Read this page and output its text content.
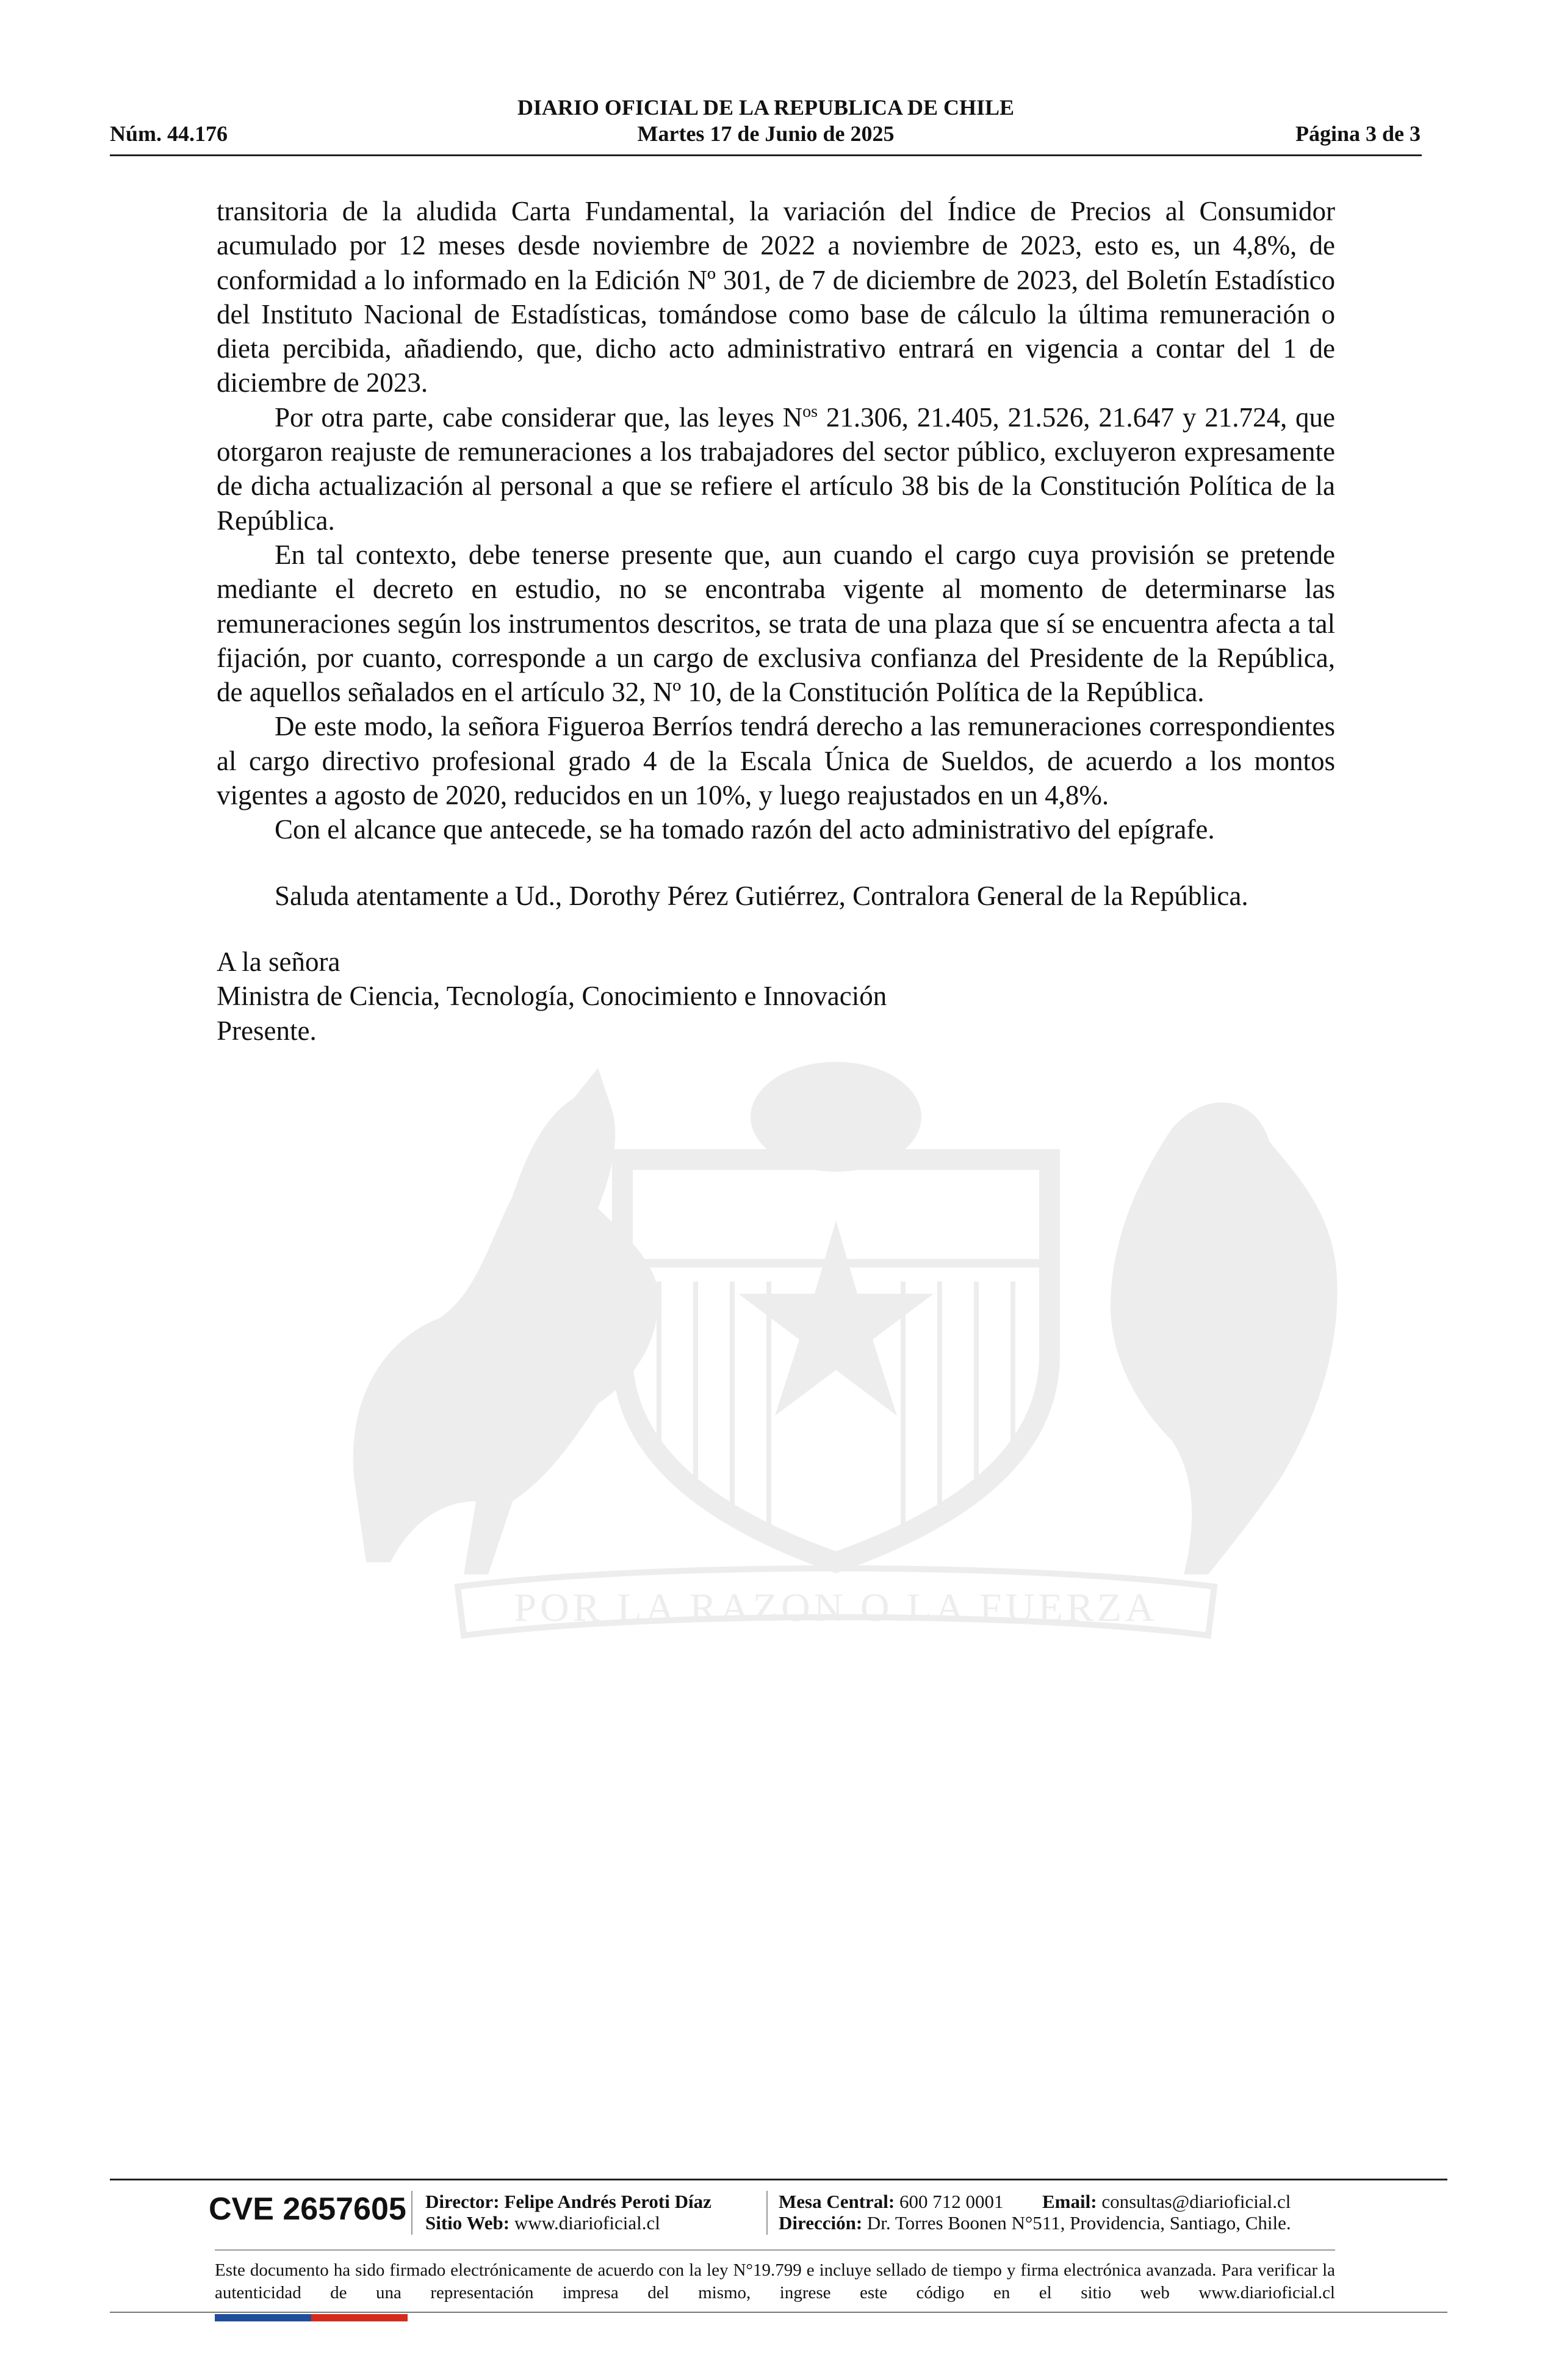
DIARIO OFICIAL DE LA REPUBLICA DE CHILE
Núm. 44.176	Martes 17 de Junio de 2025	Página 3 de 3
POR LA RAZON O LA FUERZA

transitoria de la aludida Carta Fundamental, la variación del Índice de Precios al Consumidor acumulado por 12 meses desde noviembre de 2022 a noviembre de 2023, esto es, un 4,8%, de conformidad a lo informado en la Edición Nº 301, de 7 de diciembre de 2023, del Boletín Estadístico del Instituto Nacional de Estadísticas, tomándose como base de cálculo la última remuneración o dieta percibida, añadiendo, que, dicho acto administrativo entrará en vigencia a contar del 1 de diciembre de 2023.

Por otra parte, cabe considerar que, las leyes $N^{os}$ 21.306, 21.405, 21.526, 21.647 y 21.724, que otorgaron reajuste de remuneraciones a los trabajadores del sector público, excluyeron expresamente de dicha actualización al personal a que se refiere el artículo 38 bis de la Constitución Política de la República.

En tal contexto, debe tenerse presente que, aun cuando el cargo cuya provisión se pretende mediante el decreto en estudio, no se encontraba vigente al momento de determinarse las remuneraciones según los instrumentos descritos, se trata de una plaza que sí se encuentra afecta a tal fijación, por cuanto, corresponde a un cargo de exclusiva confianza del Presidente de la República, de aquellos señalados en el artículo 32, Nº 10, de la Constitución Política de la República.

De este modo, la señora Figueroa Berríos tendrá derecho a las remuneraciones correspondientes al cargo directivo profesional grado 4 de la Escala Única de Sueldos, de acuerdo a los montos vigentes a agosto de 2020, reducidos en un 10%, y luego reajustados en un 4,8%.

Con el alcance que antecede, se ha tomado razón del acto administrativo del epígrafe.

Saluda atentamente a Ud., Dorothy Pérez Gutiérrez, Contralora General de la República.

A la señora
Ministra de Ciencia, Tecnología, Conocimiento e Innovación
Presente.
CVE 2657605 Director: Felipe Andrés Peroti Díaz
Sitio Web: www.diarioficial.cl
Mesa Central: 600 712 0001 Email: consultas@diarioficial.cl
Dirección: Dr. Torres Boonen N°511, Providencia, Santiago, Chile.
Este documento ha sido firmado electrónicamente de acuerdo con la ley N°19.799 e incluye sellado de tiempo y firma electrónica avanzada. Para verificar la autenticidad de una representación impresa del mismo, ingrese este código en el sitio web www.diarioficial.cl
